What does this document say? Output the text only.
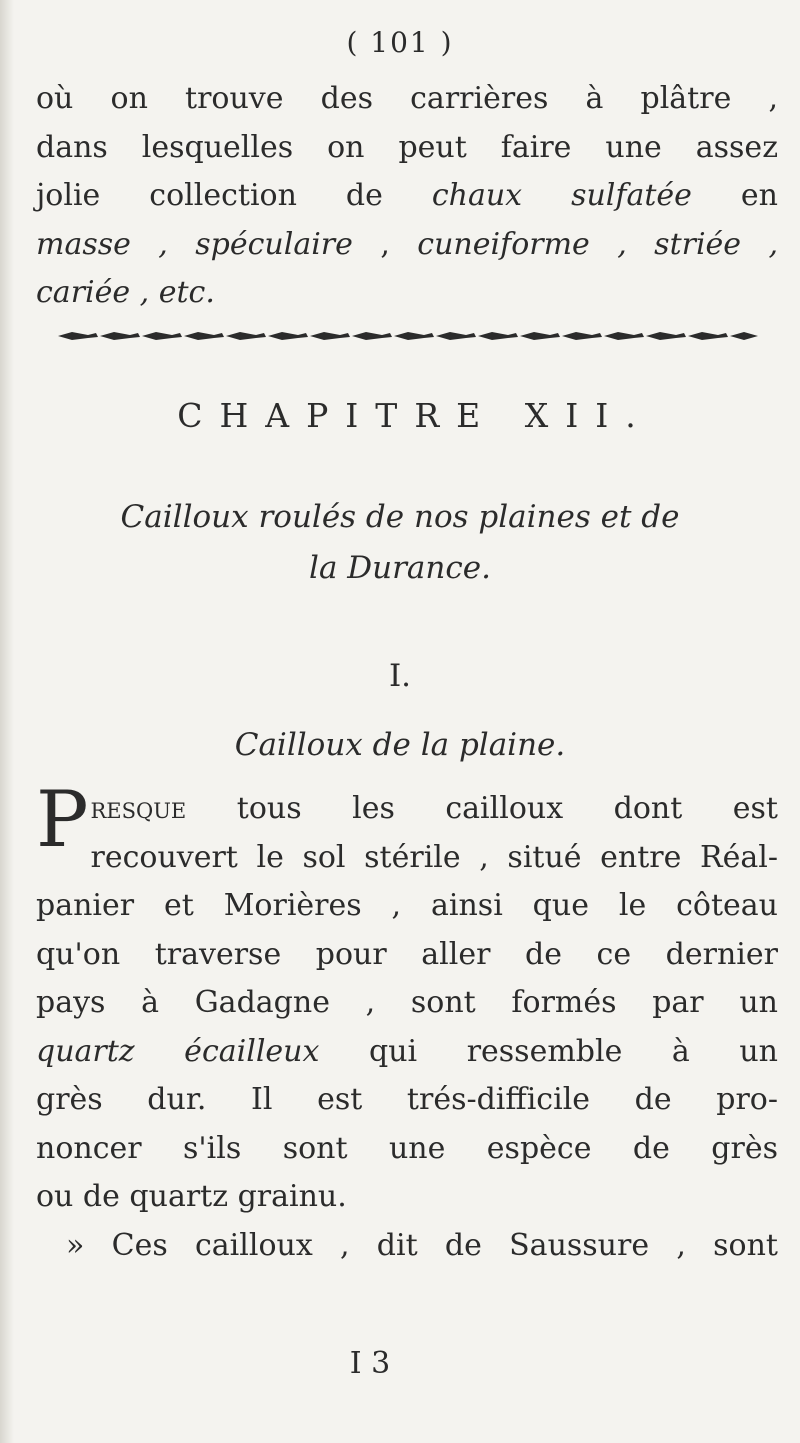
( 101 )
où on trouve des carrières à plâtre ,
dans lesquelles on peut faire une assez
jolie collection de chaux sulfatée en
masse , spéculaire , cuneiforme , striée ,
cariée , etc.
CHAPITRE XII.
Cailloux roulés de nos plaines et de
la Durance.
I.
Cailloux de la plaine.
P resque tous les cailloux dont est
recouvert le sol stérile , situé entre Réal-
panier et Morières , ainsi que le côteau
qu'on traverse pour aller de ce dernier
pays à Gadagne , sont formés par un
quartz écailleux qui ressemble à un
grès dur. Il est trés-difficile de pro-
noncer s'ils sont une espèce de grès
ou de quartz grainu.
» Ces cailloux , dit de Saussure , sont
I 3
